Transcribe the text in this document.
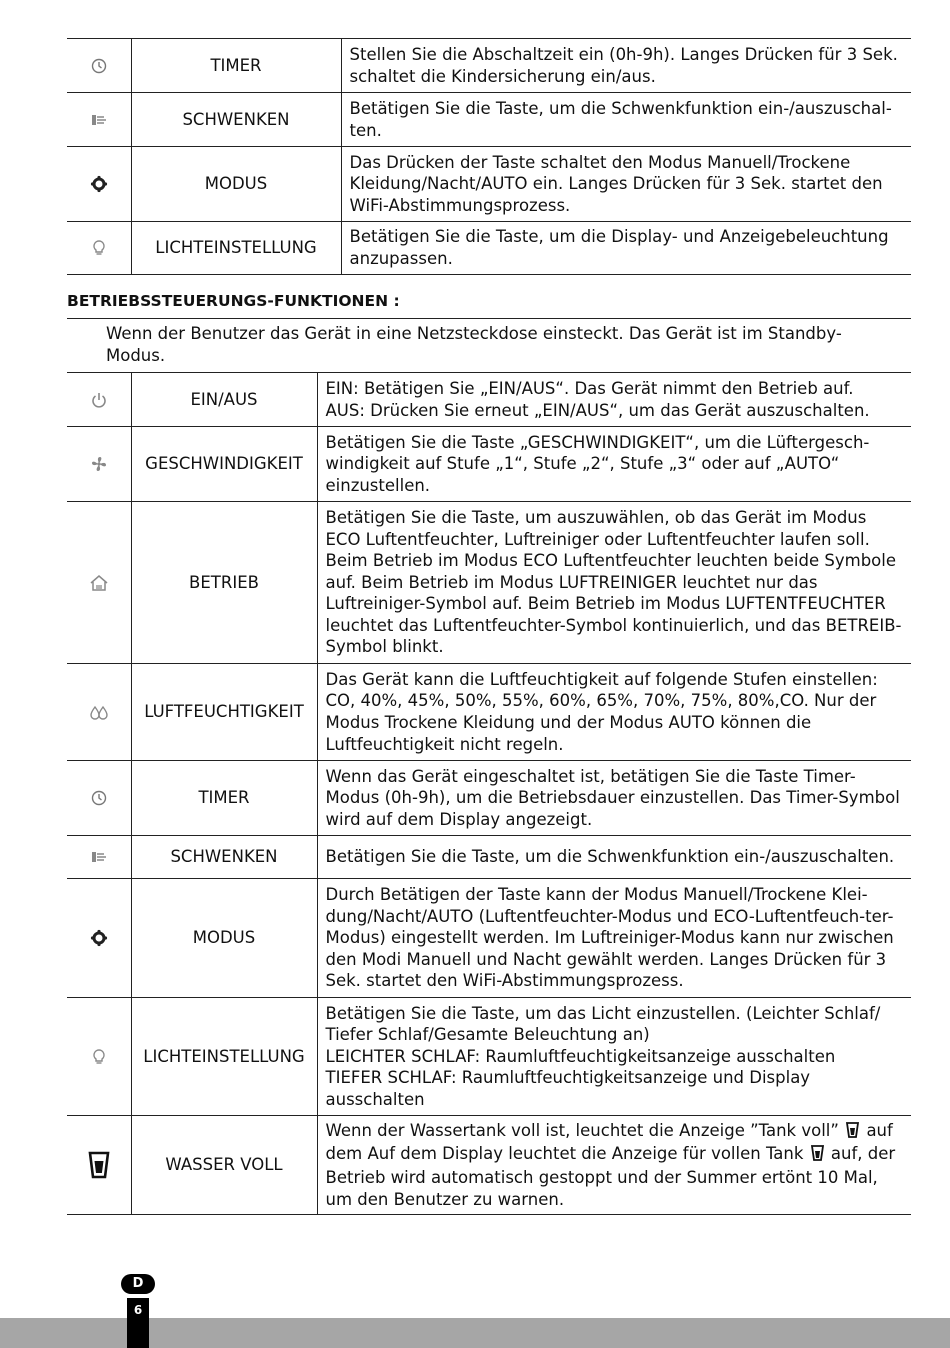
	TIMER	Stellen Sie die Abschaltzeit ein (0h-9h). Langes Drücken für 3 Sek. schaltet die Kindersicherung ein/aus.

	SCHWENKEN	Betätigen Sie die Taste, um die Schwenkfunktion ein-/auszuschal-ten.

	MODUS	Das Drücken der Taste schaltet den Modus Manuell/Trockene Kleidung/Nacht/AUTO ein. Langes Drücken für 3 Sek. startet den WiFi-Abstimmungsprozess.

	LICHTEINSTELLUNG	Betätigen Sie die Taste, um die Display- und Anzeigebeleuchtung anzupassen.
BETRIEBSSTEUERUNGS-FUNKTIONEN :
Wenn der Benutzer das Gerät in eine Netzsteckdose einsteckt. Das Gerät ist im Standby-Modus.
	EIN/AUS	EIN: Betätigen Sie „EIN/AUS“. Das Gerät nimmt den Betrieb auf.
AUS: Drücken Sie erneut „EIN/AUS“, um das Gerät auszuschalten.

	GESCHWINDIGKEIT	Betätigen Sie die Taste „GESCHWINDIGKEIT“, um die Lüftergesch-windigkeit auf Stufe „1“, Stufe „2“, Stufe „3“ oder auf „AUTO“ einzustellen.

	BETRIEB	Betätigen Sie die Taste, um auszuwählen, ob das Gerät im Modus ECO Luftentfeuchter, Luftreiniger oder Luftentfeuchter laufen soll. Beim Betrieb im Modus ECO Luftentfeuchter leuchten beide Symbole auf. Beim Betrieb im Modus LUFTREINIGER leuchtet nur das Luftreiniger-Symbol auf. Beim Betrieb im Modus LUFTENTFEUCHTER leuchtet das Luftentfeuchter-Symbol kontinuierlich, und das BETREIB-Symbol blinkt.

	LUFTFEUCHTIGKEIT	Das Gerät kann die Luftfeuchtigkeit auf folgende Stufen einstellen: CO, 40%, 45%, 50%, 55%, 60%, 65%, 70%, 75%, 80%,CO. Nur der Modus Trockene Kleidung und der Modus AUTO können die Luftfeuchtigkeit nicht regeln.

	TIMER	Wenn das Gerät eingeschaltet ist, betätigen Sie die Taste Timer-Modus (0h-9h), um die Betriebsdauer einzustellen. Das Timer-Symbol wird auf dem Display angezeigt.

	SCHWENKEN	Betätigen Sie die Taste, um die Schwenkfunktion ein-/auszuschalten.

	MODUS	Durch Betätigen der Taste kann der Modus Manuell/Trockene Klei-dung/Nacht/AUTO (Luftentfeuchter-Modus und ECO-Luftentfeuch-ter-Modus) eingestellt werden. Im Luftreiniger-Modus kann nur zwischen den Modi Manuell und Nacht gewählt werden. Langes Drücken für 3 Sek. startet den WiFi-Abstimmungsprozess.

	LICHTEINSTELLUNG	Betätigen Sie die Taste, um das Licht einzustellen. (Leichter Schlaf/ Tiefer Schlaf/Gesamte Beleuchtung an)
LEICHTER SCHLAF: Raumluftfeuchtigkeitsanzeige ausschalten
TIEFER SCHLAF: Raumluftfeuchtigkeitsanzeige und Display ausschalten

	WASSER VOLL	Wenn der Wassertank voll ist, leuchtet die Anzeige ”Tank voll” auf dem Auf dem Display leuchtet die Anzeige für vollen Tank auf, der Betrieb wird automatisch gestoppt und der Summer ertönt 10 Mal, um den Benutzer zu warnen.
D
6
